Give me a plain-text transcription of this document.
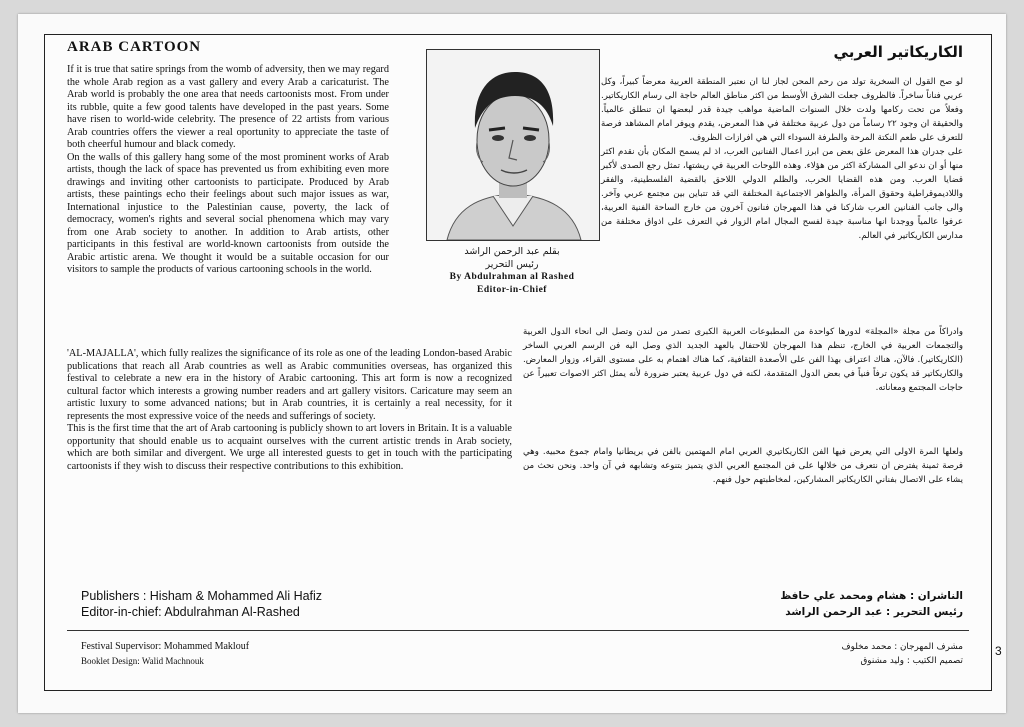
ARAB CARTOON

If it is true that satire springs from the womb of adversity, then we may regard the whole Arab region as a vast gallery and every Arab a caricaturist. The Arab world is probably the one area that needs cartoonists most. From under its rubble, quite a few good talents have developed in the past years. Some have risen to world-wide celebrity. The presence of 22 artists from various Arab countries offers the viewer a real oportunity to appreciate the taste of both cheerful humour and black comedy.

On the walls of this gallery hang some of the most prominent works of Arab artists, though the lack of space has prevented us from exhibiting even more drawings and inviting other cartoonists to participate. Produced by Arab artists, these paintings echo their feelings about such major issues as war, International injustice to the Palestinian cause, poverty, the lack of democracy, women's rights and several social phenomena which may vary from one Arab society to another. In addition to Arab artists, other participants in this festival are world-known cartoonists from outside the Arabic artistic arena. We thought it would be a suitable occasion for our visitors to sample the products of various cartooning schools in the world.

'AL-MAJALLA', which fully realizes the significance of its role as one of the leading London-based Arabic publications that reach all Arab countries as well as Arabic communities overseas, has organized this festival to celebrate a new era in the history of Arabic cartooning. This art form is now a recognized cultural factor which interests a growing number readers and art gallery visitors. Caricature may seem an artistic luxury to some advanced nations; but in Arab countries, it is certainly a real necessity, for it represents the most expressive voice of the needs and sufferings of society.

This is the first time that the art of Arab cartooning is publicly shown to art lovers in Britain. It is a valuable opportunity that should enable us to acquaint ourselves with the current artistic trends in Arab society, which are both similar and divergent. We urge all interested guests to get in touch with the participating cartoonists if they wish to discuss their respective contributions to this exhibition.

بقلم عبد الرحمن الراشد
رئيس التحرير
By Abdulrahman al Rashed
Editor-in-Chief
الكاريكاتير العربي

لو صح القول ان السخرية تولد من رحم المحن لجاز لنا ان نعتبر المنطقة العربية معرضاً كبيراً، وكل عربي فناناً ساخراً. فالظروف جعلت الشرق الأوسط من اكثر مناطق العالم حاجة الى رسام الكاريكاتير. وفعلاً من تحت ركامها ولدت خلال السنوات الماضية مواهب جيدة قدر لبعضها ان تنطلق عالمياً. والحقيقة ان وجود ٢٢ رساماً من دول عربية مختلفة في هذا المعرض، يقدم ويوفر امام المشاهد فرصة للتعرف على طعم النكتة المرحة والطرفة السوداء التي هي افرازات الظروف.

على جدران هذا المعرض علق بعض من ابرز اعمال الفنانين العرب، اذ لم يسمح المكان بأن نقدم اكثر منها أو ان ندعو الى المشاركة اكثر من هؤلاء. وهذه اللوحات العربية في ريشتها، تمثل رجع الصدى لأكبر قضايا العرب. ومن هذه القضايا الحرب، والظلم الدولي اللاحق بالقضية الفلسطينية، والفقر واللاديموقراطية وحقوق المرأة، والظواهر الاجتماعية المختلفة التي قد تتباين بين مجتمع عربي وآخر. والى جانب الفنانين العرب شاركنا في هذا المهرجان فنانون آخرون من خارج الساحة الفنية العربية، عرفوا عالمياً ووجدنا انها مناسبة جيدة لفسح المجال امام الزوار في التعرف على اذواق مختلفة من مدارس الكاريكاتير في العالم.

وادراكاً من مجلة «المجلة» لدورها كواحدة من المطبوعات العربية الكبرى تصدر من لندن وتصل الى انحاء الدول العربية والتجمعات العربية في الخارج، تنظم هذا المهرجان للاحتفال بالعهد الجديد الذي وصل اليه فن الرسم العربي الساخر (الكاريكاتير). فالآن، هناك اعتراف بهذا الفن على الأصعدة الثقافية، كما هناك اهتمام به على مستوى القراء، وزوار المعارض. والكاريكاتير قد يكون ترفاً فنياً في بعض الدول المتقدمة، لكنه في دول عربية يعتبر ضرورة لأنه يمثل اكثر الاصوات تعبيراً عن حاجات المجتمع ومعاناته.

ولعلها المرة الاولى التي يعرض فيها الفن الكاريكاتيري العربي امام المهتمين بالفن في بريطانيا وامام جموع محبيه. وهي فرصة ثمينة يفترض ان نتعرف من خلالها على فن المجتمع العربي الذي يتميز بتنوعه وتشابهه في آن واحد. ونحن نحث من يشاء على الاتصال بفناني الكاريكاتير المشاركين، لمخاطبتهم حول فنهم.

Publishers : Hisham & Mohammed Ali Hafiz
Editor-in-chief: Abdulrahman Al-Rashed
الناشران : هشام ومحمد علي حافظ
رئيس التحرير : عبد الرحمن الراشد
Festival Supervisor: Mohammed Maklouf
Booklet Design: Walid Machnouk
مشرف المهرجان : محمد مخلوف
تصميم الكتيب : وليد مشنوق
3
